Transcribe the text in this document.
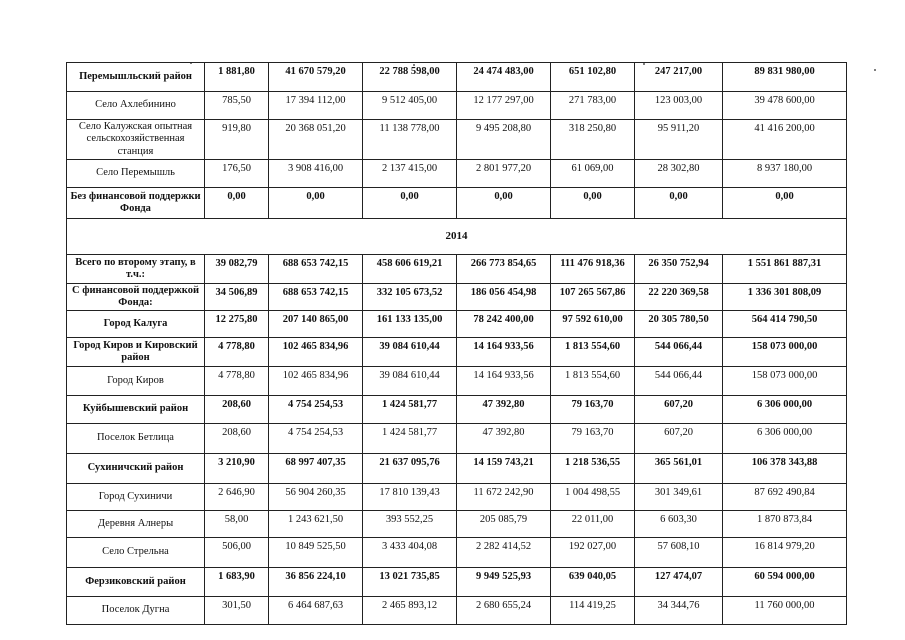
Перемышльский район	1 881,80	41 670 579,20	22 788 598,00	24 474 483,00	651 102,80	247 217,00	89 831 980,00
Село Ахлебинино	785,50	17 394 112,00	9 512 405,00	12 177 297,00	271 783,00	123 003,00	39 478 600,00
Село Калужская опытная сельскохозяйственная станция	919,80	20 368 051,20	11 138 778,00	9 495 208,80	318 250,80	95 911,20	41 416 200,00
Село Перемышль	176,50	3 908 416,00	2 137 415,00	2 801 977,20	61 069,00	28 302,80	8 937 180,00
Без финансовой поддержки Фонда	0,00	0,00	0,00	0,00	0,00	0,00	0,00
2014							
Всего по второму этапу, в т.ч.:	39 082,79	688 653 742,15	458 606 619,21	266 773 854,65	111 476 918,36	26 350 752,94	1 551 861 887,31
С финансовой поддержкой Фонда:	34 506,89	688 653 742,15	332 105 673,52	186 056 454,98	107 265 567,86	22 220 369,58	1 336 301 808,09
Город Калуга	12 275,80	207 140 865,00	161 133 135,00	78 242 400,00	97 592 610,00	20 305 780,50	564 414 790,50
Город Киров и Кировский район	4 778,80	102 465 834,96	39 084 610,44	14 164 933,56	1 813 554,60	544 066,44	158 073 000,00
Город Киров	4 778,80	102 465 834,96	39 084 610,44	14 164 933,56	1 813 554,60	544 066,44	158 073 000,00
Куйбышевский район	208,60	4 754 254,53	1 424 581,77	47 392,80	79 163,70	607,20	6 306 000,00
Поселок Бетлица	208,60	4 754 254,53	1 424 581,77	47 392,80	79 163,70	607,20	6 306 000,00
Сухиничский район	3 210,90	68 997 407,35	21 637 095,76	14 159 743,21	1 218 536,55	365 561,01	106 378 343,88
Город Сухиничи	2 646,90	56 904 260,35	17 810 139,43	11 672 242,90	1 004 498,55	301 349,61	87 692 490,84
Деревня Алнеры	58,00	1 243 621,50	393 552,25	205 085,79	22 011,00	6 603,30	1 870 873,84
Село Стрельна	506,00	10 849 525,50	3 433 404,08	2 282 414,52	192 027,00	57 608,10	16 814 979,20
Ферзиковский район	1 683,90	36 856 224,10	13 021 735,85	9 949 525,93	639 040,05	127 474,07	60 594 000,00
Поселок Дугна	301,50	6 464 687,63	2 465 893,12	2 680 655,24	114 419,25	34 344,76	11 760 000,00
